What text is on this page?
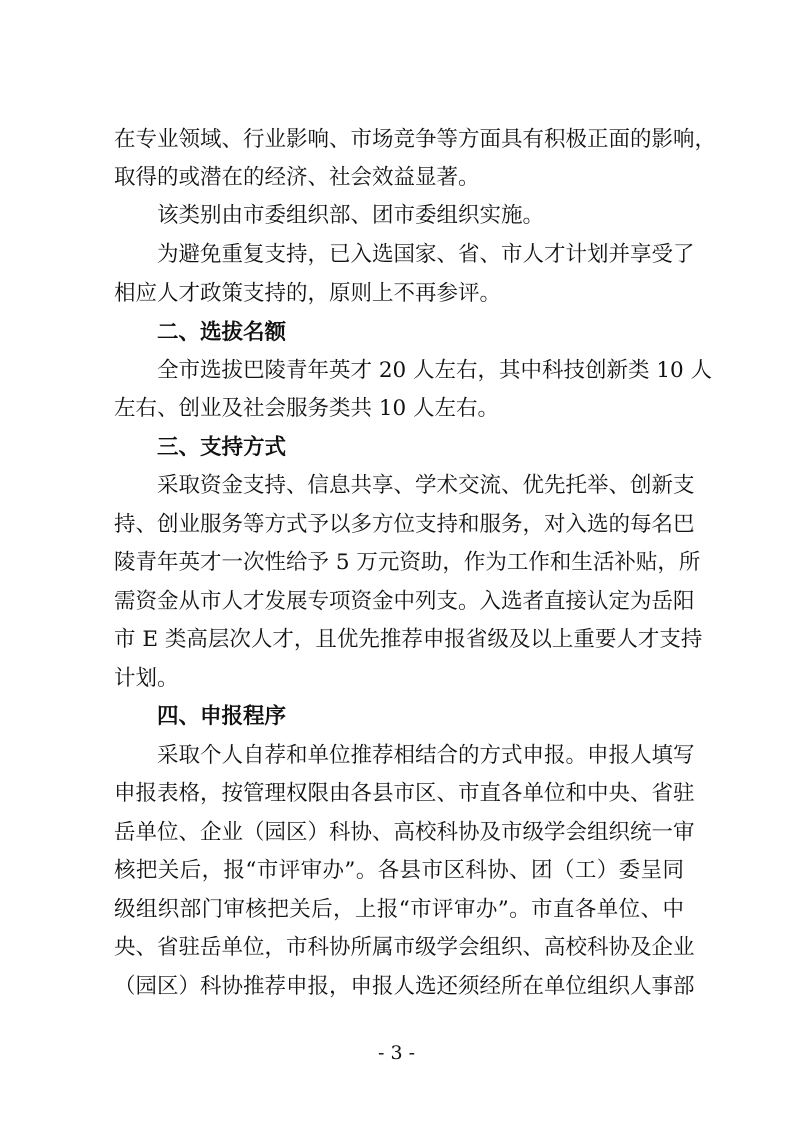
在专业领域、行业影响、市场竞争等方面具有积极正面的影响，
取得的或潜在的经济、社会效益显著。
该类别由市委组织部、团市委组织实施。
为避免重复支持，已入选国家、省、市人才计划并享受了
相应人才政策支持的，原则上不再参评。
二、选拔名额
全市选拔巴陵青年英才 20 人左右，其中科技创新类 10 人
左右、创业及社会服务类共 10 人左右。
三、支持方式
采取资金支持、信息共享、学术交流、优先托举、创新支
持、创业服务等方式予以多方位支持和服务，对入选的每名巴
陵青年英才一次性给予 5 万元资助，作为工作和生活补贴，所
需资金从市人才发展专项资金中列支。入选者直接认定为岳阳
市 E 类高层次人才，且优先推荐申报省级及以上重要人才支持
计划。
四、申报程序
采取个人自荐和单位推荐相结合的方式申报。申报人填写
申报表格，按管理权限由各县市区、市直各单位和中央、省驻
岳单位、企业（园区）科协、高校科协及市级学会组织统一审
核把关后，报“市评审办”。各县市区科协、团（工）委呈同
级组织部门审核把关后，上报“市评审办”。市直各单位、中
央、省驻岳单位，市科协所属市级学会组织、高校科协及企业
（园区）科协推荐申报，申报人选还须经所在单位组织人事部
- 3 -
